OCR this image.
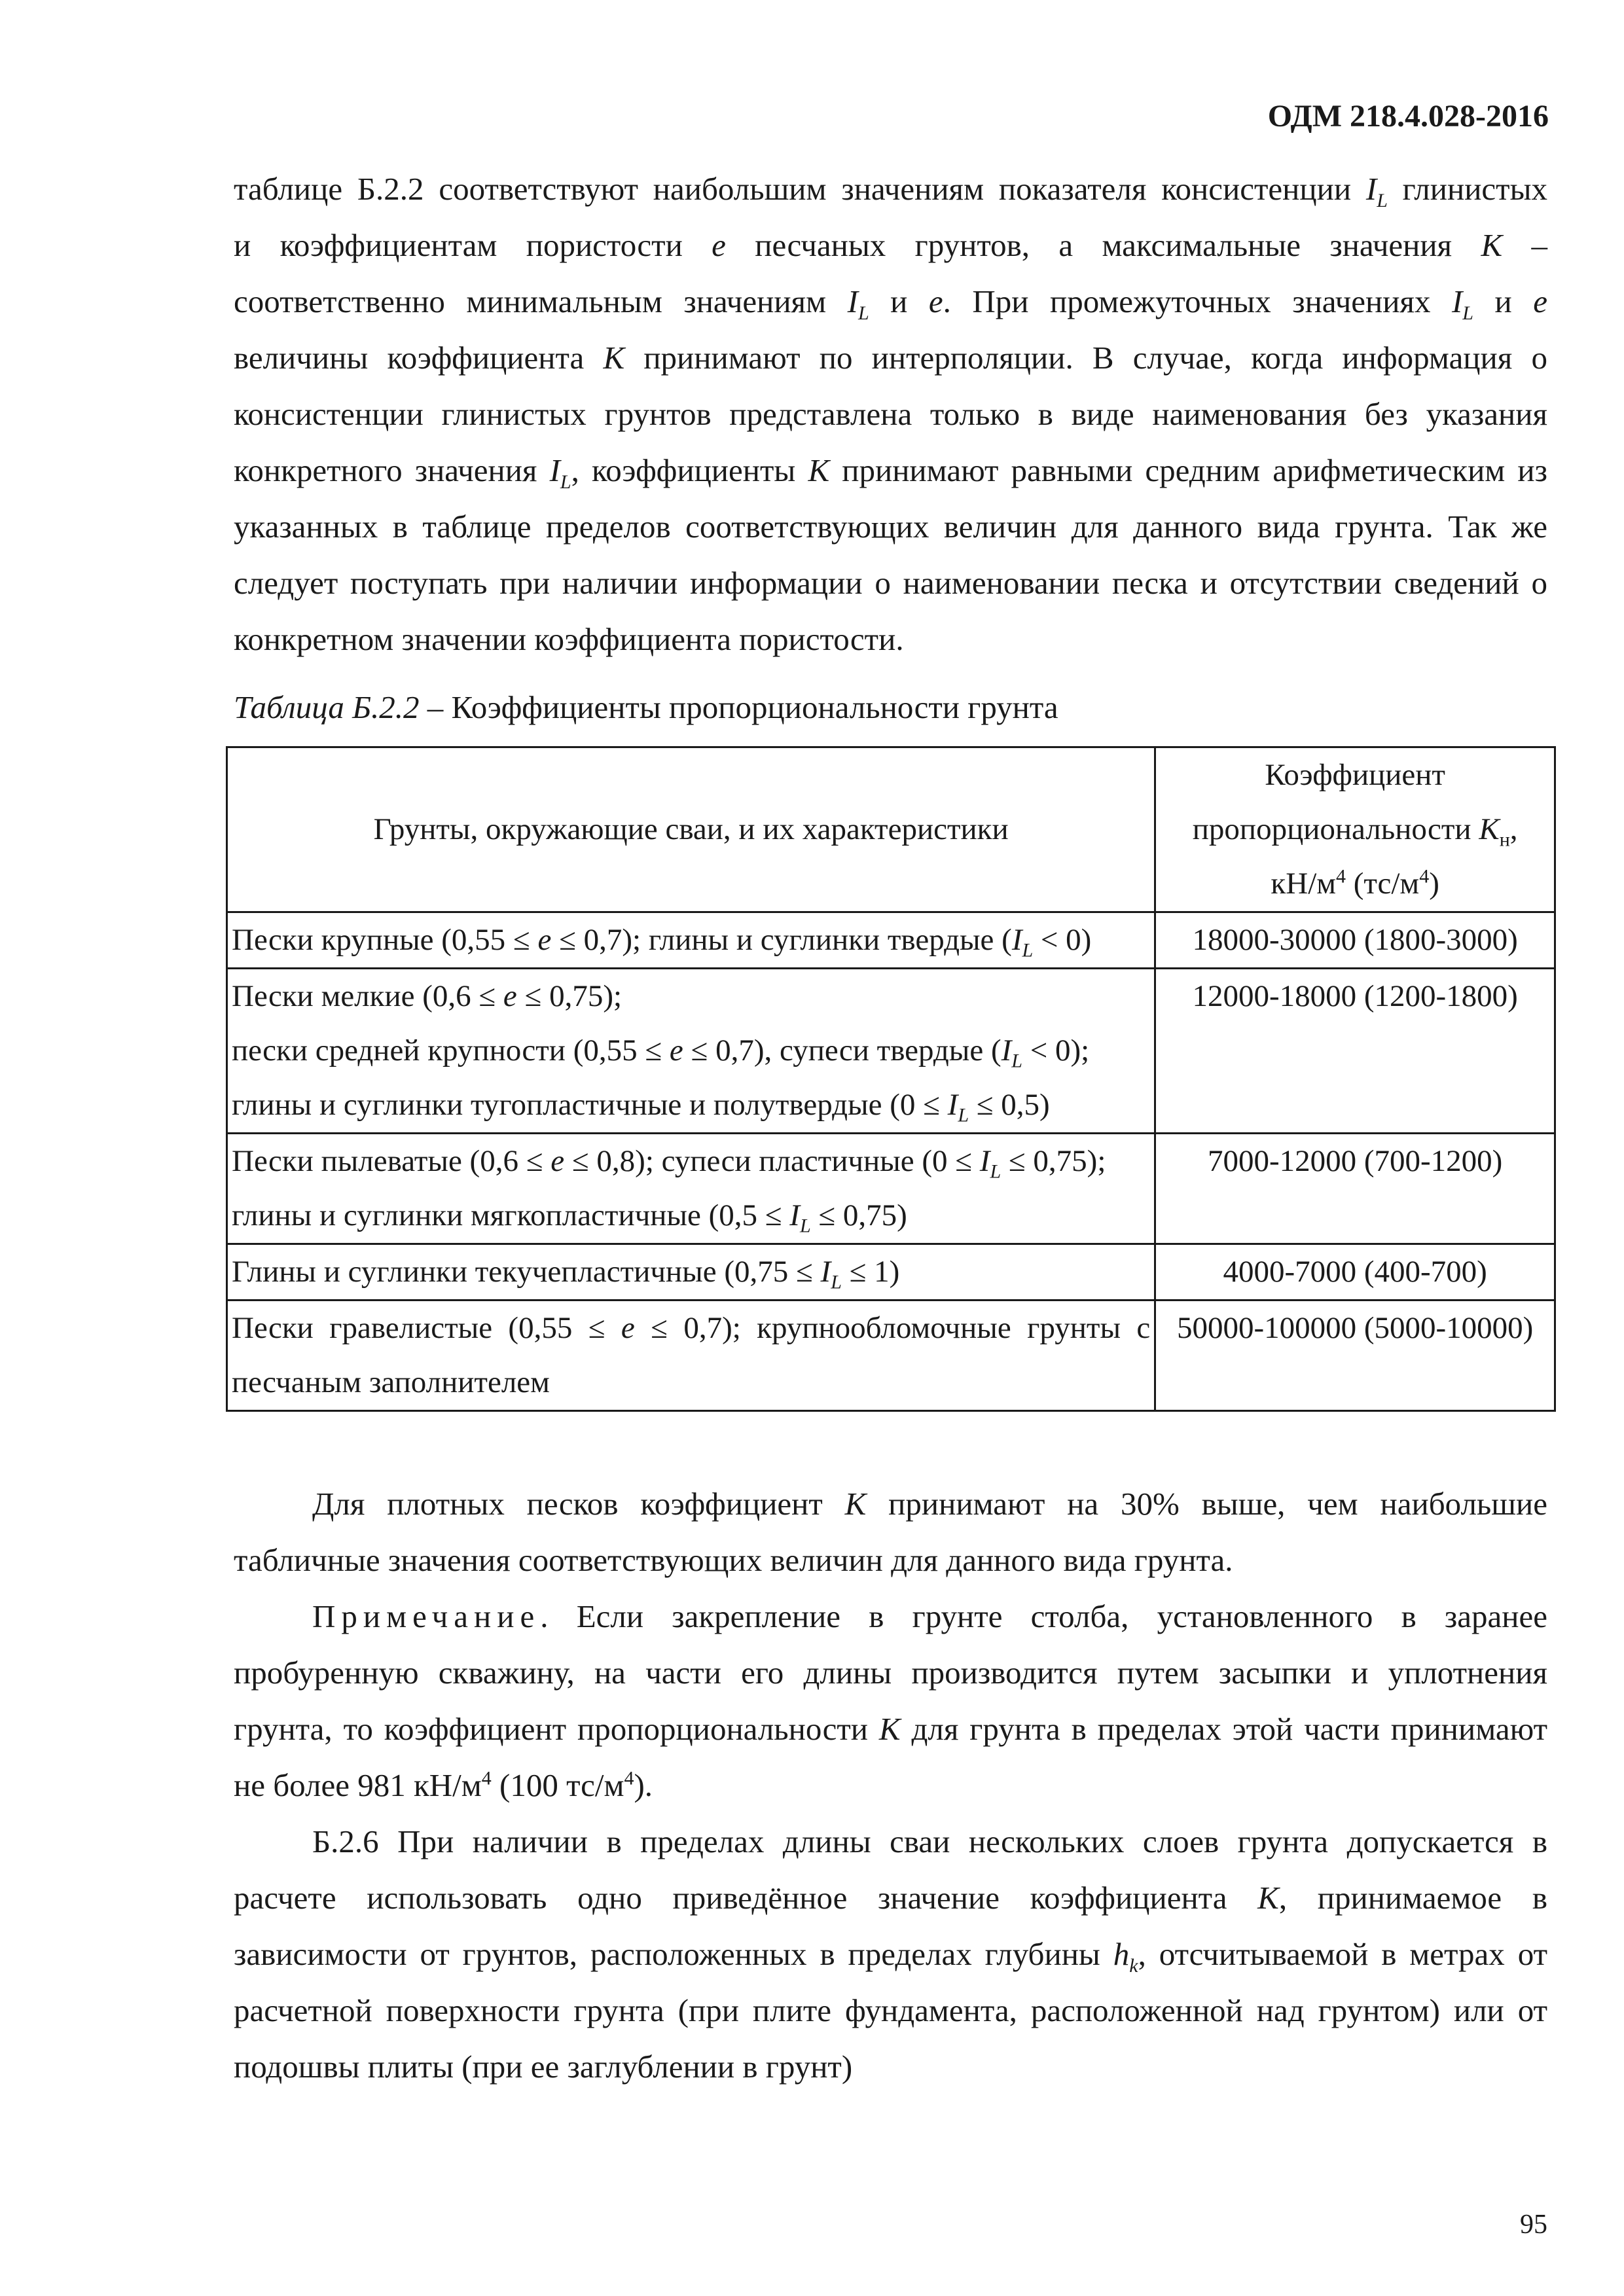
ОДМ 218.4.028-2016
таблице Б.2.2 соответствуют наибольшим значениям показателя консистенции $I_L$ глинистых
и коэффициентам пористости e песчаных грунтов, а максимальные значения K –
соответственно минимальным значениям $I_L$ и e. При промежуточных значениях $I_L$ и e
величины коэффициента K принимают по интерполяции. В случае, когда информация о
консистенции глинистых грунтов представлена только в виде наименования без указания
конкретного значения $I_L$, коэффициенты K принимают равными средним арифметическим из
указанных в таблице пределов соответствующих величин для данного вида грунта. Так же
следует поступать при наличии информации о наименовании песка и отсутствии сведений о
конкретном значении коэффициента пористости.
Таблица Б.2.2 – Коэффициенты пропорциональности грунта
Грунты, окружающие сваи, и их характеристики	Коэффициент
пропорциональности $K_н$,
$кН/м^4$ $(тс/м^4)$

Пески крупные (0,55 ≤ e ≤ 0,7); глины и суглинки твердые $(I_L < 0)$	18000-30000 (1800-3000)

Пески мелкие (0,6 ≤ e ≤ 0,75);
пески средней крупности (0,55 ≤ e ≤ 0,7), супеси твердые $(I_L < 0)$;
глины и суглинки тугопластичные и полутвердые $(0 \le I_L \le 0,5)$	12000-18000 (1200-1800)

Пески пылеватые (0,6 ≤ e ≤ 0,8); супеси пластичные $(0 \le I_L \le 0,75)$;
глины и суглинки мягкопластичные $(0,5 \le I_L \le 0,75)$	7000-12000 (700-1200)

Глины и суглинки текучепластичные $(0,75 \le I_L \le 1)$	4000-7000 (400-700)

Пески гравелистые (0,55 ≤ e ≤ 0,7); крупнообломочные грунты с
песчаным заполнителем	50000-100000 (5000-10000)
Для плотных песков коэффициент K принимают на 30% выше, чем наибольшие
табличные значения соответствующих величин для данного вида грунта.
Примечание. Если закрепление в грунте столба, установленного в заранее
пробуренную скважину, на части его длины производится путем засыпки и уплотнения
грунта, то коэффициент пропорциональности K для грунта в пределах этой части принимают
не более 981 $кН/м^4$ (100 $тс/м^4$).
Б.2.6 При наличии в пределах длины сваи нескольких слоев грунта допускается в
расчете использовать одно приведённое значение коэффициента K, принимаемое в
зависимости от грунтов, расположенных в пределах глубины $h_k$, отсчитываемой в метрах от
расчетной поверхности грунта (при плите фундамента, расположенной над грунтом) или от
подошвы плиты (при ее заглублении в грунт)
95
